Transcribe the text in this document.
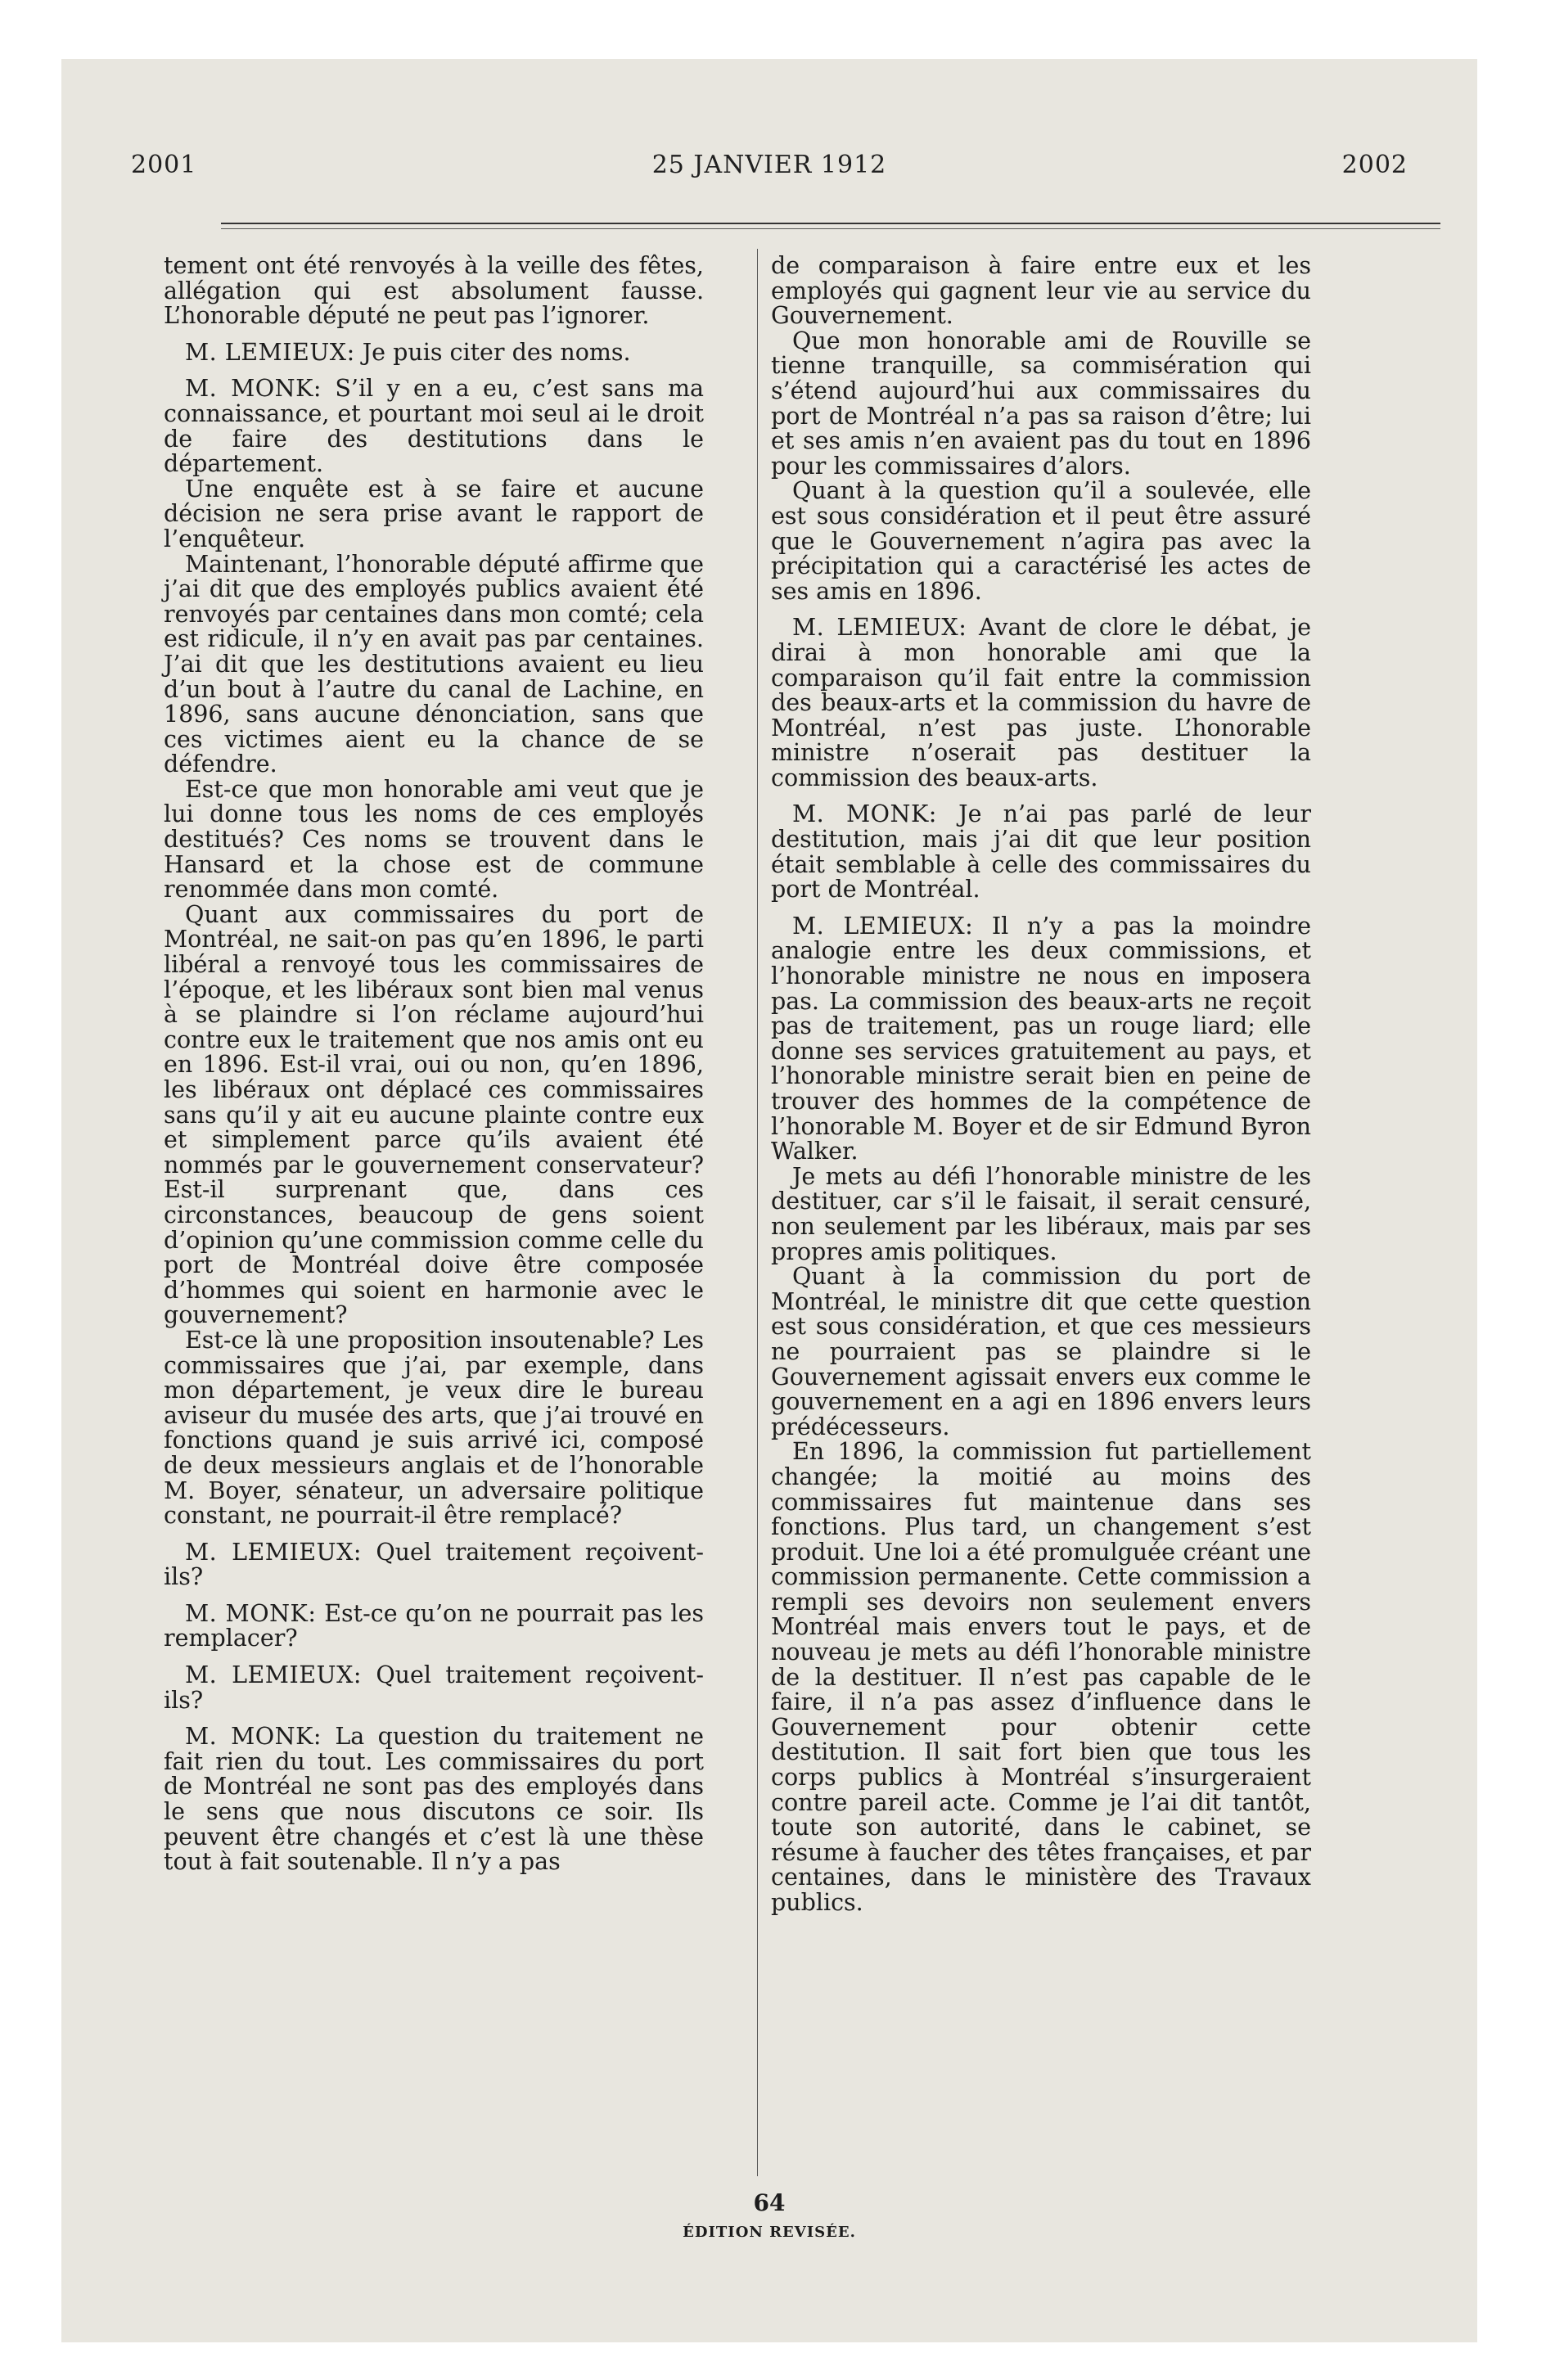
2001	25 JANVIER 1912	2002

tement ont été renvoyés à la veille des fêtes, allégation qui est absolument fausse. L’honorable député ne peut pas l’ignorer.

M. LEMIEUX: Je puis citer des noms.

M. MONK: S’il y en a eu, c’est sans ma connaissance, et pourtant moi seul ai le droit de faire des destitutions dans le département.

Une enquête est à se faire et aucune décision ne sera prise avant le rapport de l’enquêteur.

Maintenant, l’honorable député affirme que j’ai dit que des employés publics avaient été renvoyés par centaines dans mon comté; cela est ridicule, il n’y en avait pas par centaines. J’ai dit que les destitutions avaient eu lieu d’un bout à l’autre du canal de Lachine, en 1896, sans aucune dénonciation, sans que ces victimes aient eu la chance de se défendre.

Est-ce que mon honorable ami veut que je lui donne tous les noms de ces employés destitués? Ces noms se trouvent dans le Hansard et la chose est de commune renommée dans mon comté.

Quant aux commissaires du port de Montréal, ne sait-on pas qu’en 1896, le parti libéral a renvoyé tous les commissaires de l’époque, et les libéraux sont bien mal venus à se plaindre si l’on réclame aujourd’hui contre eux le traitement que nos amis ont eu en 1896. Est-il vrai, oui ou non, qu’en 1896, les libéraux ont déplacé ces commissaires sans qu’il y ait eu aucune plainte contre eux et simplement parce qu’ils avaient été nommés par le gouvernement conservateur? Est-il surprenant que, dans ces circonstances, beaucoup de gens soient d’opinion qu’une commission comme celle du port de Montréal doive être composée d’hommes qui soient en harmonie avec le gouvernement?

Est-ce là une proposition insoutenable? Les commissaires que j’ai, par exemple, dans mon département, je veux dire le bureau aviseur du musée des arts, que j’ai trouvé en fonctions quand je suis arrivé ici, composé de deux messieurs anglais et de l’honorable M. Boyer, sénateur, un adversaire politique constant, ne pourrait-il être remplacé?

M. LEMIEUX: Quel traitement reçoivent-ils?

M. MONK: Est-ce qu’on ne pourrait pas les remplacer?

M. LEMIEUX: Quel traitement reçoivent-ils?

M. MONK: La question du traitement ne fait rien du tout. Les commissaires du port de Montréal ne sont pas des employés dans le sens que nous discutons ce soir. Ils peuvent être changés et c’est là une thèse tout à fait soutenable. Il n’y a pas

de comparaison à faire entre eux et les employés qui gagnent leur vie au service du Gouvernement.

Que mon honorable ami de Rouville se tienne tranquille, sa commisération qui s’étend aujourd’hui aux commissaires du port de Montréal n’a pas sa raison d’être; lui et ses amis n’en avaient pas du tout en 1896 pour les commissaires d’alors.

Quant à la question qu’il a soulevée, elle est sous considération et il peut être assuré que le Gouvernement n’agira pas avec la précipitation qui a caractérisé les actes de ses amis en 1896.

M. LEMIEUX: Avant de clore le débat, je dirai à mon honorable ami que la comparaison qu’il fait entre la commission des beaux-arts et la commission du havre de Montréal, n’est pas juste. L’honorable ministre n’oserait pas destituer la commission des beaux-arts.

M. MONK: Je n’ai pas parlé de leur destitution, mais j’ai dit que leur position était semblable à celle des commissaires du port de Montréal.

M. LEMIEUX: Il n’y a pas la moindre analogie entre les deux commissions, et l’honorable ministre ne nous en imposera pas. La commission des beaux-arts ne reçoit pas de traitement, pas un rouge liard; elle donne ses services gratuitement au pays, et l’honorable ministre serait bien en peine de trouver des hommes de la compétence de l’honorable M. Boyer et de sir Edmund Byron Walker.

Je mets au défi l’honorable ministre de les destituer, car s’il le faisait, il serait censuré, non seulement par les libéraux, mais par ses propres amis politiques.

Quant à la commission du port de Montréal, le ministre dit que cette question est sous considération, et que ces messieurs ne pourraient pas se plaindre si le Gouvernement agissait envers eux comme le gouvernement en a agi en 1896 envers leurs prédécesseurs.

En 1896, la commission fut partiellement changée; la moitié au moins des commissaires fut maintenue dans ses fonctions. Plus tard, un changement s’est produit. Une loi a été promulguée créant une commission permanente. Cette commission a rempli ses devoirs non seulement envers Montréal mais envers tout le pays, et de nouveau je mets au défi l’honorable ministre de la destituer. Il n’est pas capable de le faire, il n’a pas assez d’influence dans le Gouvernement pour obtenir cette destitution. Il sait fort bien que tous les corps publics à Montréal s’insurgeraient contre pareil acte. Comme je l’ai dit tantôt, toute son autorité, dans le cabinet, se résume à faucher des têtes françaises, et par centaines, dans le ministère des Travaux publics.

64
ÉDITION REVISÉE.
